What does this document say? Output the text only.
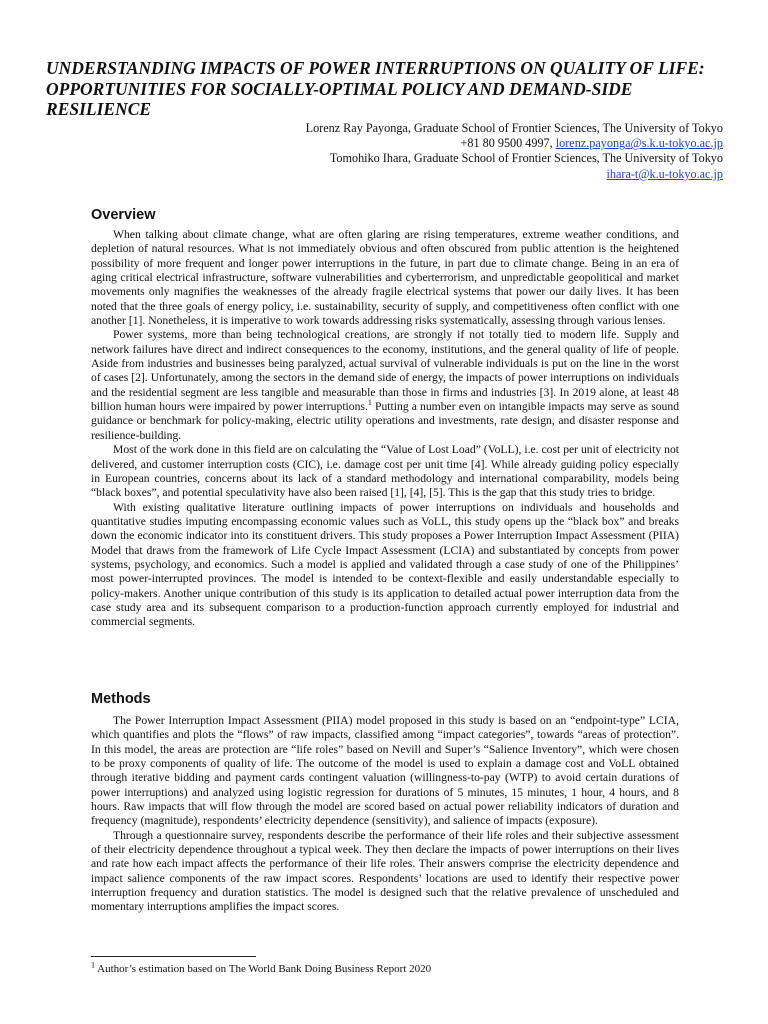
UNDERSTANDING IMPACTS OF POWER INTERRUPTIONS ON QUALITY OF LIFE: OPPORTUNITIES FOR SOCIALLY-OPTIMAL POLICY AND DEMAND-SIDE RESILIENCE
Lorenz Ray Payonga, Graduate School of Frontier Sciences, The University of Tokyo
+81 80 9500 4997, lorenz.payonga@s.k.u-tokyo.ac.jp
Tomohiko Ihara, Graduate School of Frontier Sciences, The University of Tokyo
ihara-t@k.u-tokyo.ac.jp
Overview

When talking about climate change, what are often glaring are rising temperatures, extreme weather conditions, and depletion of natural resources. What is not immediately obvious and often obscured from public attention is the heightened possibility of more frequent and longer power interruptions in the future, in part due to climate change. Being in an era of aging critical electrical infrastructure, software vulnerabilities and cyberterrorism, and unpredictable geopolitical and market movements only magnifies the weaknesses of the already fragile electrical systems that power our daily lives. It has been noted that the three goals of energy policy, i.e. sustainability, security of supply, and competitiveness often conflict with one another [1]. Nonetheless, it is imperative to work towards addressing risks systematically, assessing through various lenses.

Power systems, more than being technological creations, are strongly if not totally tied to modern life. Supply and network failures have direct and indirect consequences to the economy, institutions, and the general quality of life of people. Aside from industries and businesses being paralyzed, actual survival of vulnerable individuals is put on the line in the worst of cases [2]. Unfortunately, among the sectors in the demand side of energy, the impacts of power interruptions on individuals and the residential segment are less tangible and measurable than those in firms and industries [3]. In 2019 alone, at least 48 billion human hours were impaired by power interruptions.$^1$ Putting a number even on intangible impacts may serve as sound guidance or benchmark for policy-making, electric utility operations and investments, rate design, and disaster response and resilience-building.

Most of the work done in this field are on calculating the “Value of Lost Load” (VoLL), i.e. cost per unit of electricity not delivered, and customer interruption costs (CIC), i.e. damage cost per unit time [4]. While already guiding policy especially in European countries, concerns about its lack of a standard methodology and international comparability, models being “black boxes”, and potential speculativity have also been raised [1], [4], [5]. This is the gap that this study tries to bridge.

With existing qualitative literature outlining impacts of power interruptions on individuals and households and quantitative studies imputing encompassing economic values such as VoLL, this study opens up the “black box” and breaks down the economic indicator into its constituent drivers. This study proposes a Power Interruption Impact Assessment (PIIA) Model that draws from the framework of Life Cycle Impact Assessment (LCIA) and substantiated by concepts from power systems, psychology, and economics. Such a model is applied and validated through a case study of one of the Philippines’ most power-interrupted provinces. The model is intended to be context-flexible and easily understandable especially to policy-makers. Another unique contribution of this study is its application to detailed actual power interruption data from the case study area and its subsequent comparison to a production-function approach currently employed for industrial and commercial segments.

Methods

The Power Interruption Impact Assessment (PIIA) model proposed in this study is based on an “endpoint-type” LCIA, which quantifies and plots the “flows” of raw impacts, classified among “impact categories”, towards “areas of protection”. In this model, the areas are protection are “life roles” based on Nevill and Super’s “Salience Inventory”, which were chosen to be proxy components of quality of life. The outcome of the model is used to explain a damage cost and VoLL obtained through iterative bidding and payment cards contingent valuation (willingness-to-pay (WTP) to avoid certain durations of power interruptions) and analyzed using logistic regression for durations of 5 minutes, 15 minutes, 1 hour, 4 hours, and 8 hours. Raw impacts that will flow through the model are scored based on actual power reliability indicators of duration and frequency (magnitude), respondents’ electricity dependence (sensitivity), and salience of impacts (exposure).

Through a questionnaire survey, respondents describe the performance of their life roles and their subjective assessment of their electricity dependence throughout a typical week. They then declare the impacts of power interruptions on their lives and rate how each impact affects the performance of their life roles. Their answers comprise the electricity dependence and impact salience components of the raw impact scores. Respondents’ locations are used to identify their respective power interruption frequency and duration statistics. The model is designed such that the relative prevalence of unscheduled and momentary interruptions amplifies the impact scores.

$^1$ Author’s estimation based on The World Bank Doing Business Report 2020
